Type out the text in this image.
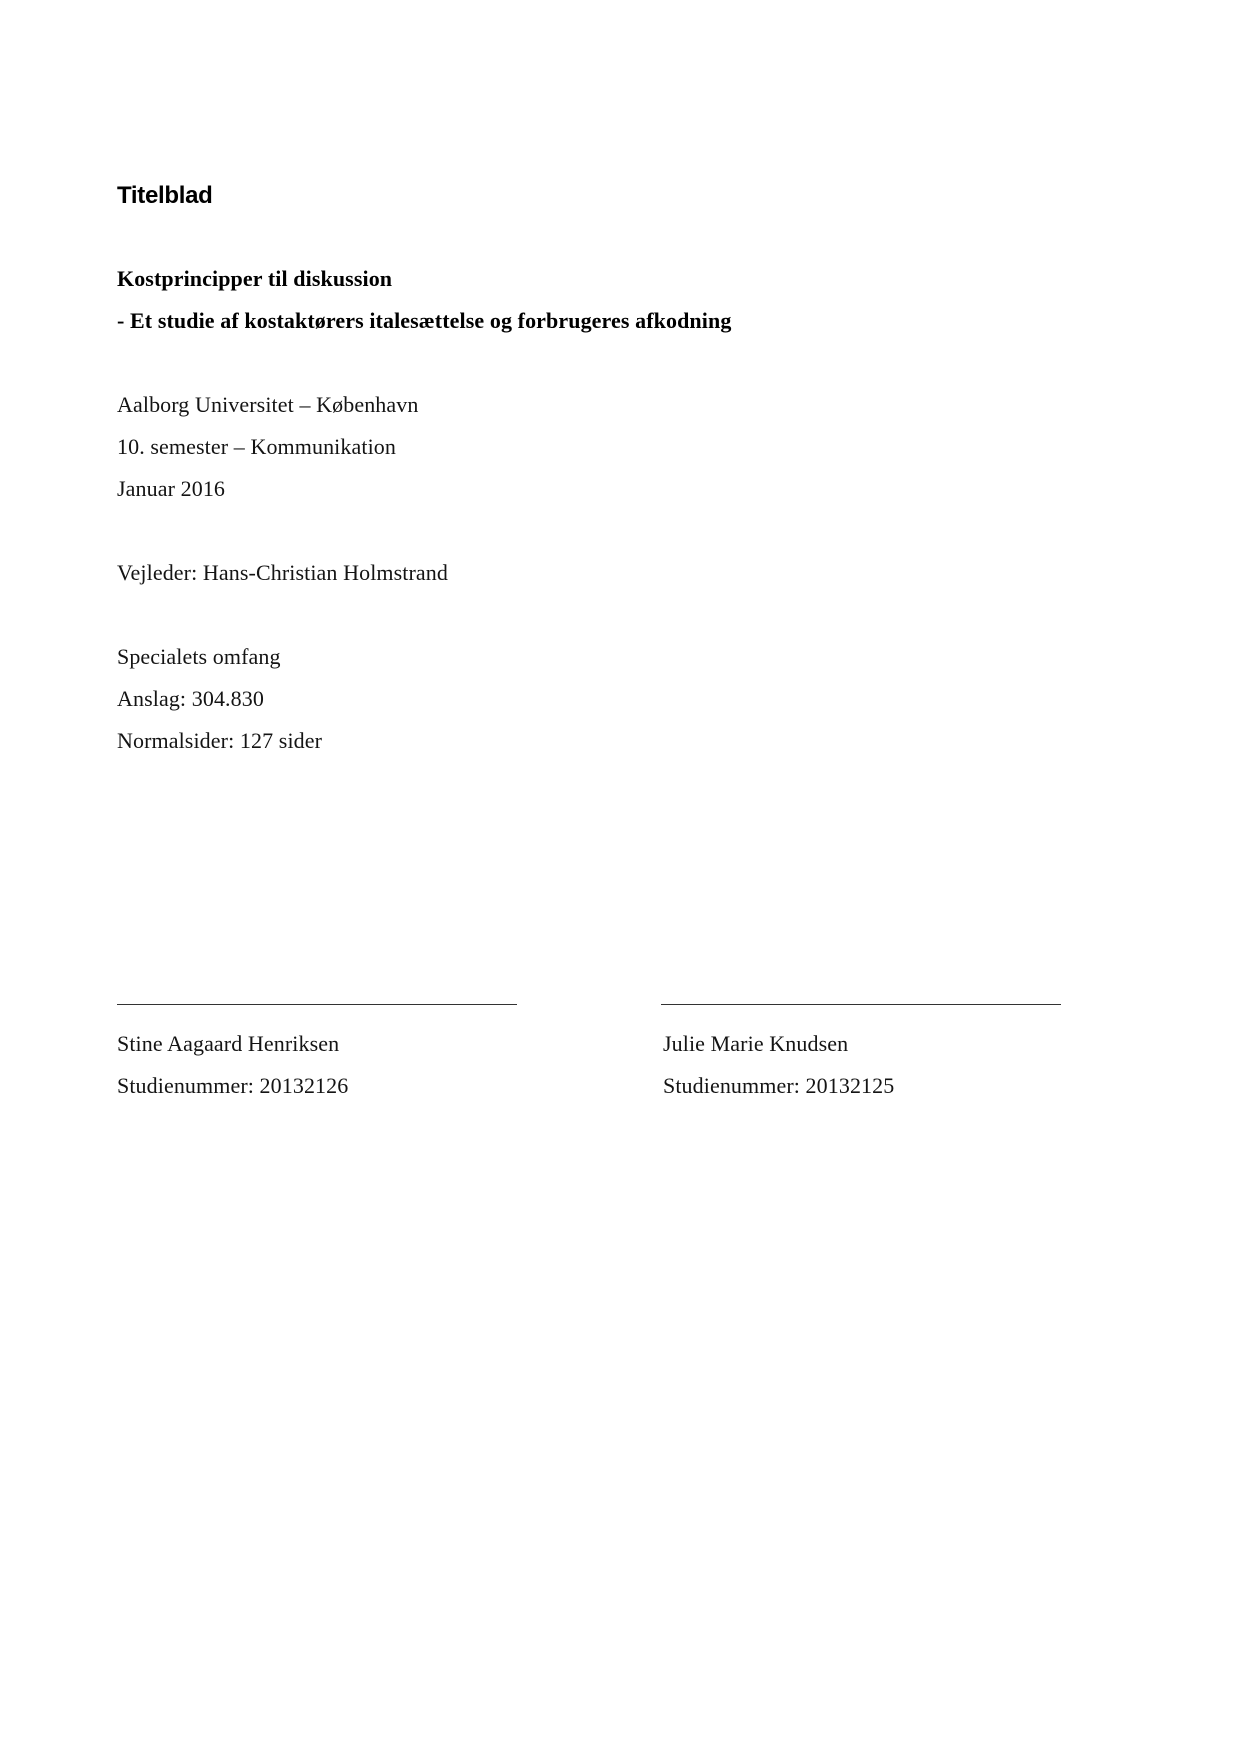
Titelblad
Kostprincipper til diskussion
- Et studie af kostaktørers italesættelse og forbrugeres afkodning
Aalborg Universitet – København
10. semester – Kommunikation
Januar 2016
Vejleder: Hans-Christian Holmstrand
Specialets omfang
Anslag: 304.830
Normalsider: 127 sider
Stine Aagaard Henriksen
Studienummer: 20132126
Julie Marie Knudsen
Studienummer: 20132125
